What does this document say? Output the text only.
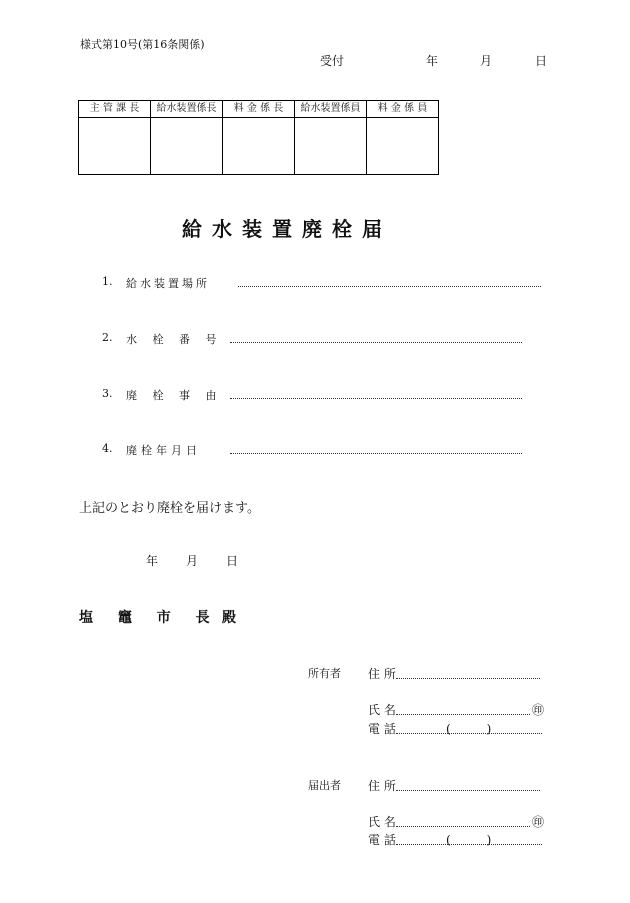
様式第10号(第16条関係)
受付	年	月	日
主 管 課 長	給水装置係長	料 金 係 長	給水装置係員	料 金 係 員

給水装置廃栓届
1. 給水装置場所
2. 水 栓 番 号
3. 廃 栓 事 由
4. 廃栓年月日
上記のとおり廃栓を届けます。
年 月 日
塩 竈 市 長 殿
所有者 住 所
氏 名	㊞
電 話	(　　　)
届出者 住 所
氏 名	㊞
電 話	(　　　)
